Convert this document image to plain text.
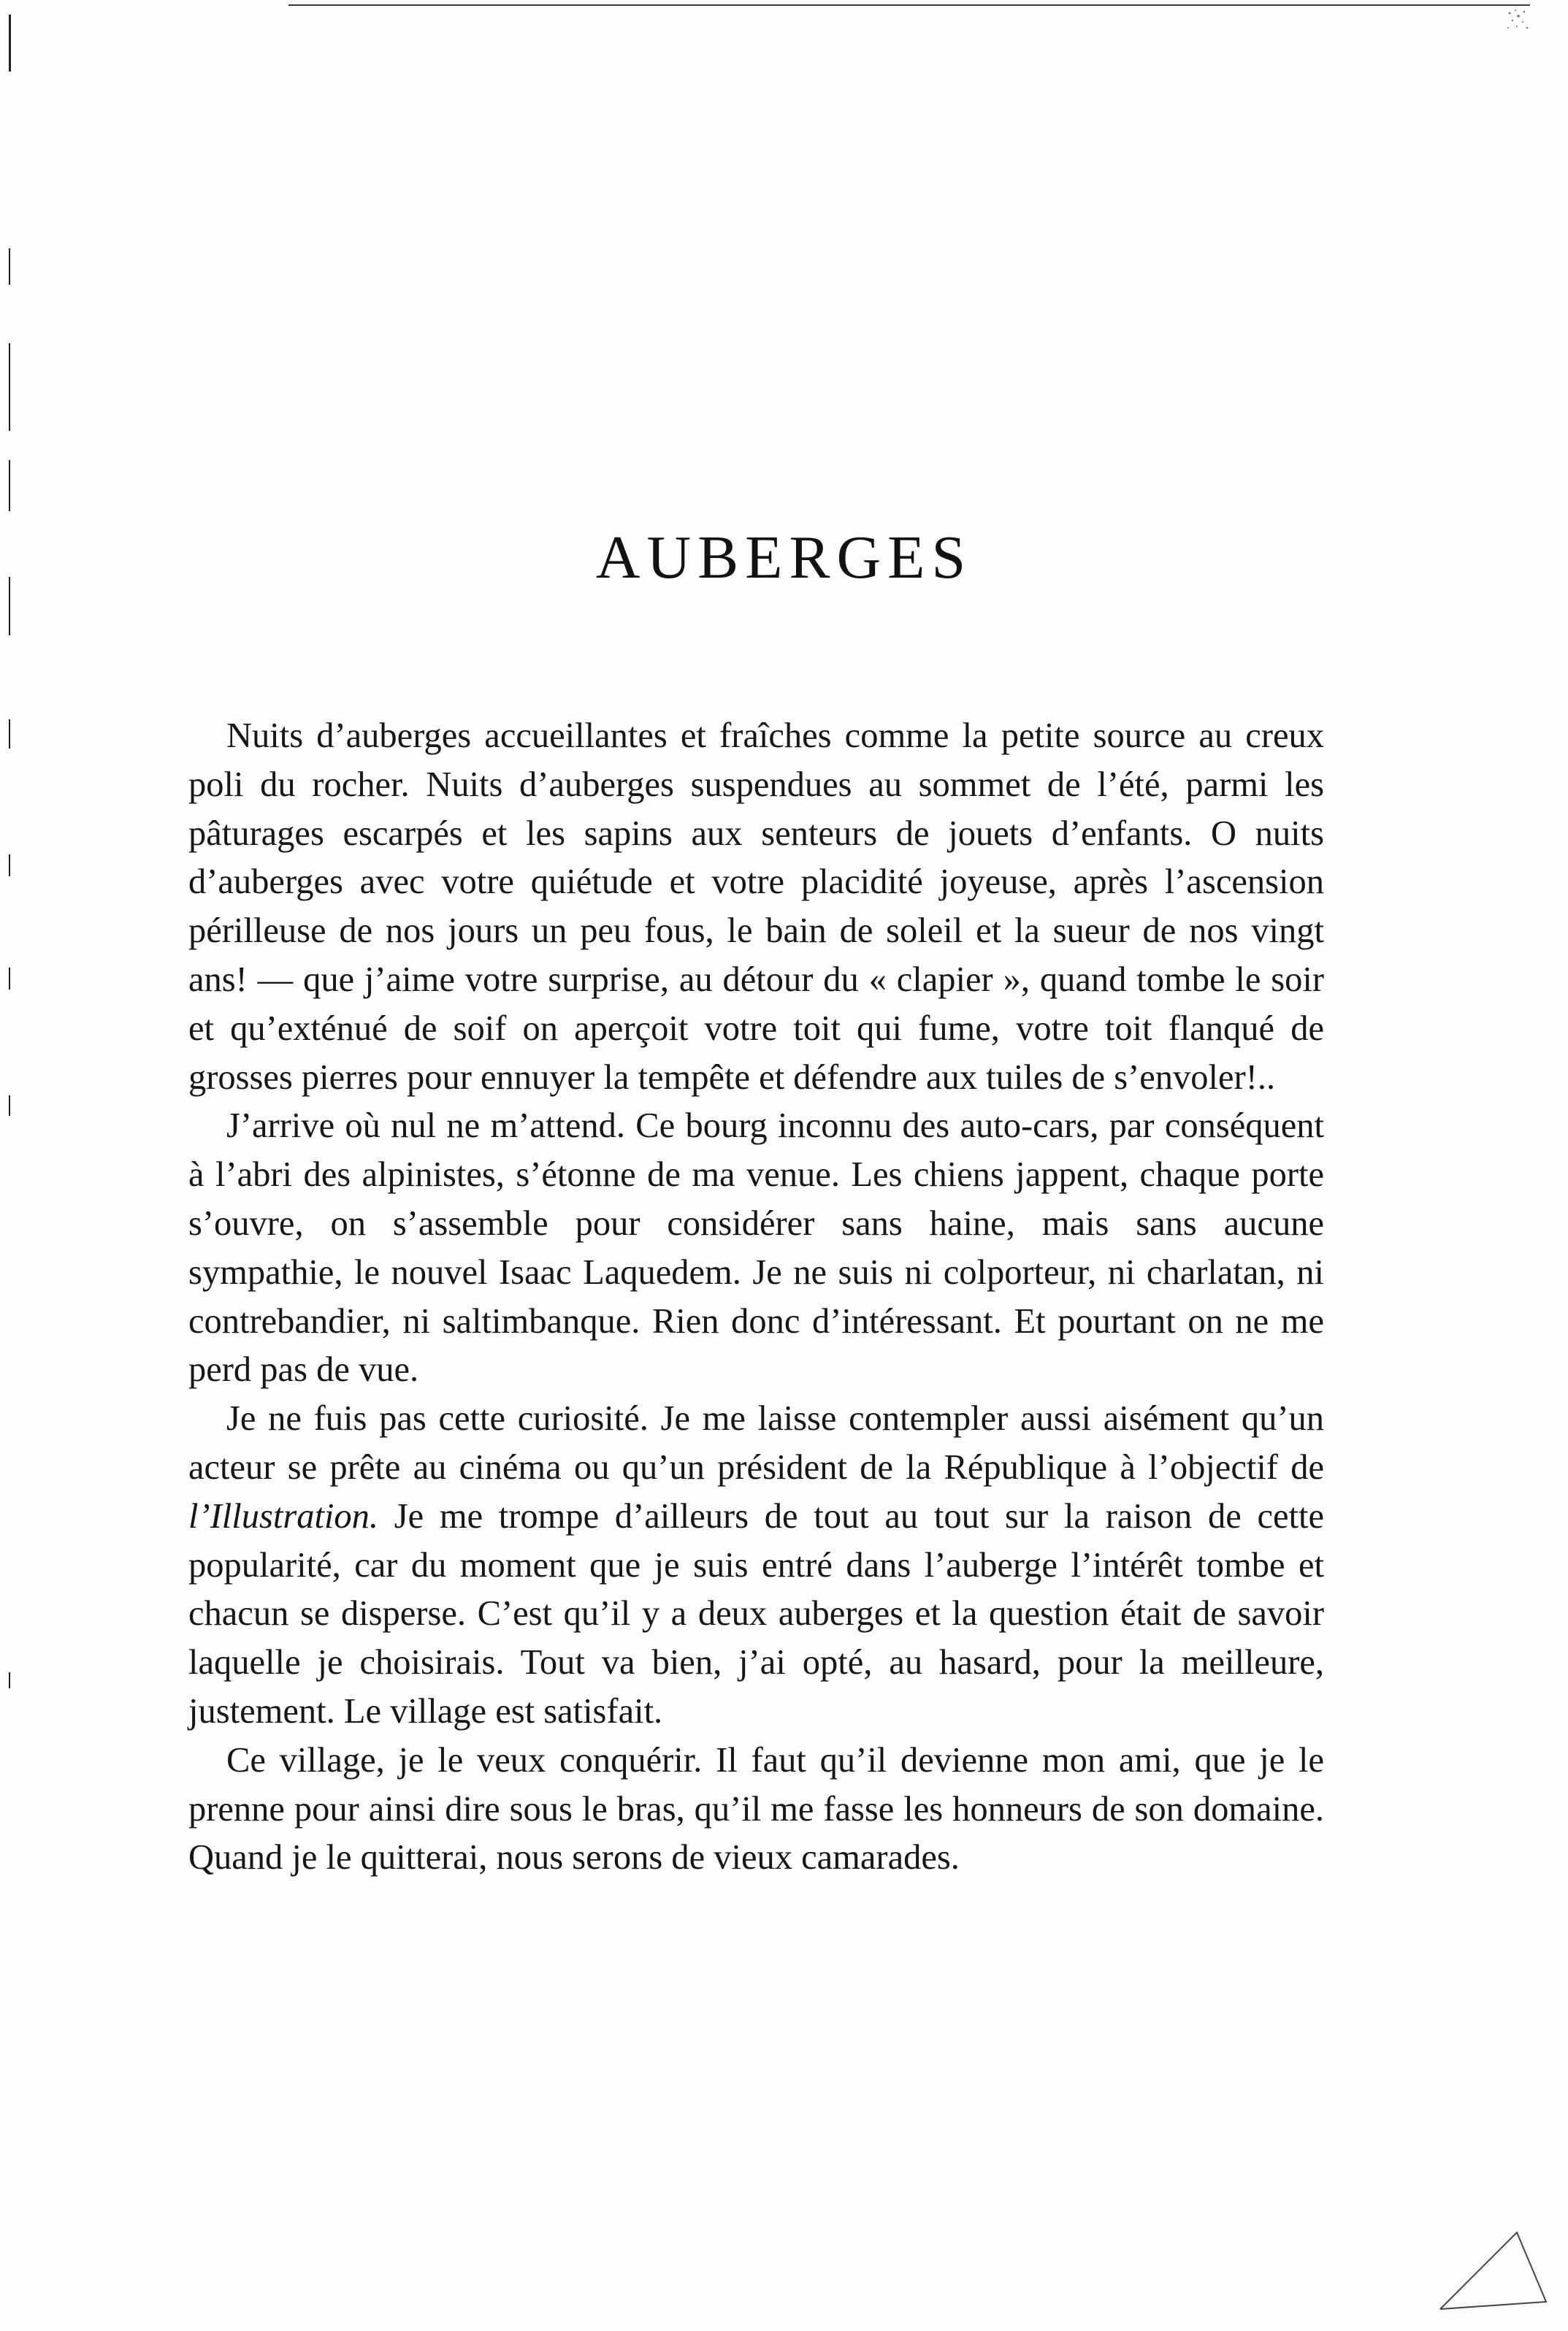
AUBERGES

Nuits d’auberges accueillantes et fraîches comme la petite source au creux poli du rocher. Nuits d’auberges suspendues au sommet de l’été, parmi les pâturages escarpés et les sapins aux senteurs de jouets d’enfants. O nuits d’auberges avec votre quiétude et votre placidité joyeuse, après l’ascension périlleuse de nos jours un peu fous, le bain de soleil et la sueur de nos vingt ans! — que j’aime votre surprise, au détour du « clapier », quand tombe le soir et qu’exténué de soif on aperçoit votre toit qui fume, votre toit flanqué de grosses pierres pour ennuyer la tempête et défendre aux tuiles de s’envoler!..

J’arrive où nul ne m’attend. Ce bourg inconnu des auto-cars, par conséquent à l’abri des alpinistes, s’étonne de ma venue. Les chiens jappent, chaque porte s’ouvre, on s’assemble pour considérer sans haine, mais sans aucune sympathie, le nouvel Isaac Laquedem. Je ne suis ni colporteur, ni charlatan, ni contrebandier, ni saltimbanque. Rien donc d’intéressant. Et pourtant on ne me perd pas de vue.

Je ne fuis pas cette curiosité. Je me laisse contempler aussi aisément qu’un acteur se prête au cinéma ou qu’un président de la République à l’objectif de l’Illustration. Je me trompe d’ailleurs de tout au tout sur la raison de cette popularité, car du moment que je suis entré dans l’auberge l’intérêt tombe et chacun se disperse. C’est qu’il y a deux auberges et la question était de savoir laquelle je choisirais. Tout va bien, j’ai opté, au hasard, pour la meilleure, justement. Le village est satisfait.

Ce village, je le veux conquérir. Il faut qu’il devienne mon ami, que je le prenne pour ainsi dire sous le bras, qu’il me fasse les honneurs de son domaine. Quand je le quitterai, nous serons de vieux camarades.
